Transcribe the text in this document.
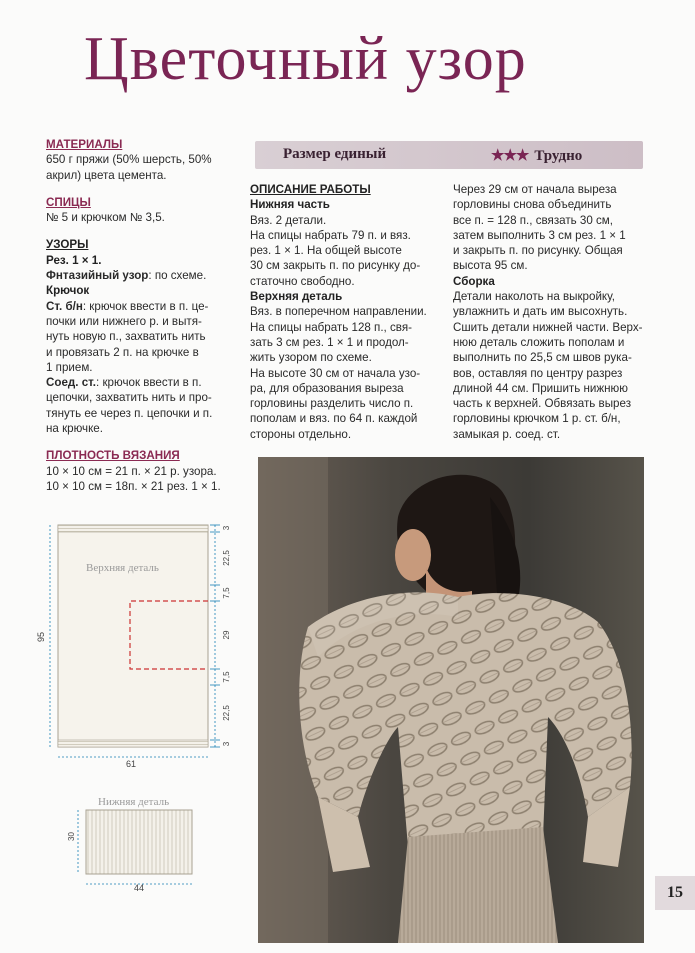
Цветочный узор
Размер единый	★★★ Трудно

МАТЕРИАЛЫ

650 г пряжи (50% шерсть, 50%

акрил) цвета цемента.

СПИЦЫ

№ 5 и крючком № 3,5.

УЗОРЫ

Рез. 1 × 1.

Фнтазийный узор: по схеме.

Крючок

Ст. б/н: крючок ввести в п. це-

почки или нижнего р. и вытя-

нуть новую п., захватить нить

и провязать 2 п. на крючке в

1 прием.

Соед. ст.: крючок ввести в п.

цепочки, захватить нить и про-

тянуть ее через п. цепочки и п.

на крючке.

ПЛОТНОСТЬ ВЯЗАНИЯ

10 × 10 см = 21 п. × 21 р. узора.

10 × 10 см = 18п. × 21 рез. 1 × 1.

ОПИСАНИЕ РАБОТЫ

Нижняя часть

Вяз. 2 детали.

На спицы набрать 79 п. и вяз.

рез. 1 × 1. На общей высоте

30 см закрыть п. по рисунку до-

статочно свободно.

Верхняя деталь

Вяз. в поперечном направлении.

На спицы набрать 128 п., свя-

зать 3 см рез. 1 × 1 и продол-

жить узором по схеме.

На высоте 30 см от начала узо-

ра, для образования выреза

горловины разделить число п.

пополам и вяз. по 64 п. каждой

стороны отдельно.

Через 29 см от начала выреза

горловины снова объединить

все п. = 128 п., связать 30 см,

затем выполнить 3 см рез. 1 × 1

и закрыть п. по рисунку. Общая

высота 95 см.

Сборка

Детали наколоть на выкройку,

увлажнить и дать им высохнуть.

Сшить детали нижней части. Верх-

нюю деталь сложить пополам и

выполнить по 25,5 см швов рука-

вов, оставляя по центру разрез

длиной 44 см. Пришить нижнюю

часть к верхней. Обвязать вырез

горловины крючком 1 р. ст. б/н,

замыкая р. соед. ст.

Верхняя деталь
95
61
3
22,5
7,5
29
7,5
22,5
3
Нижняя деталь
30
44	15
